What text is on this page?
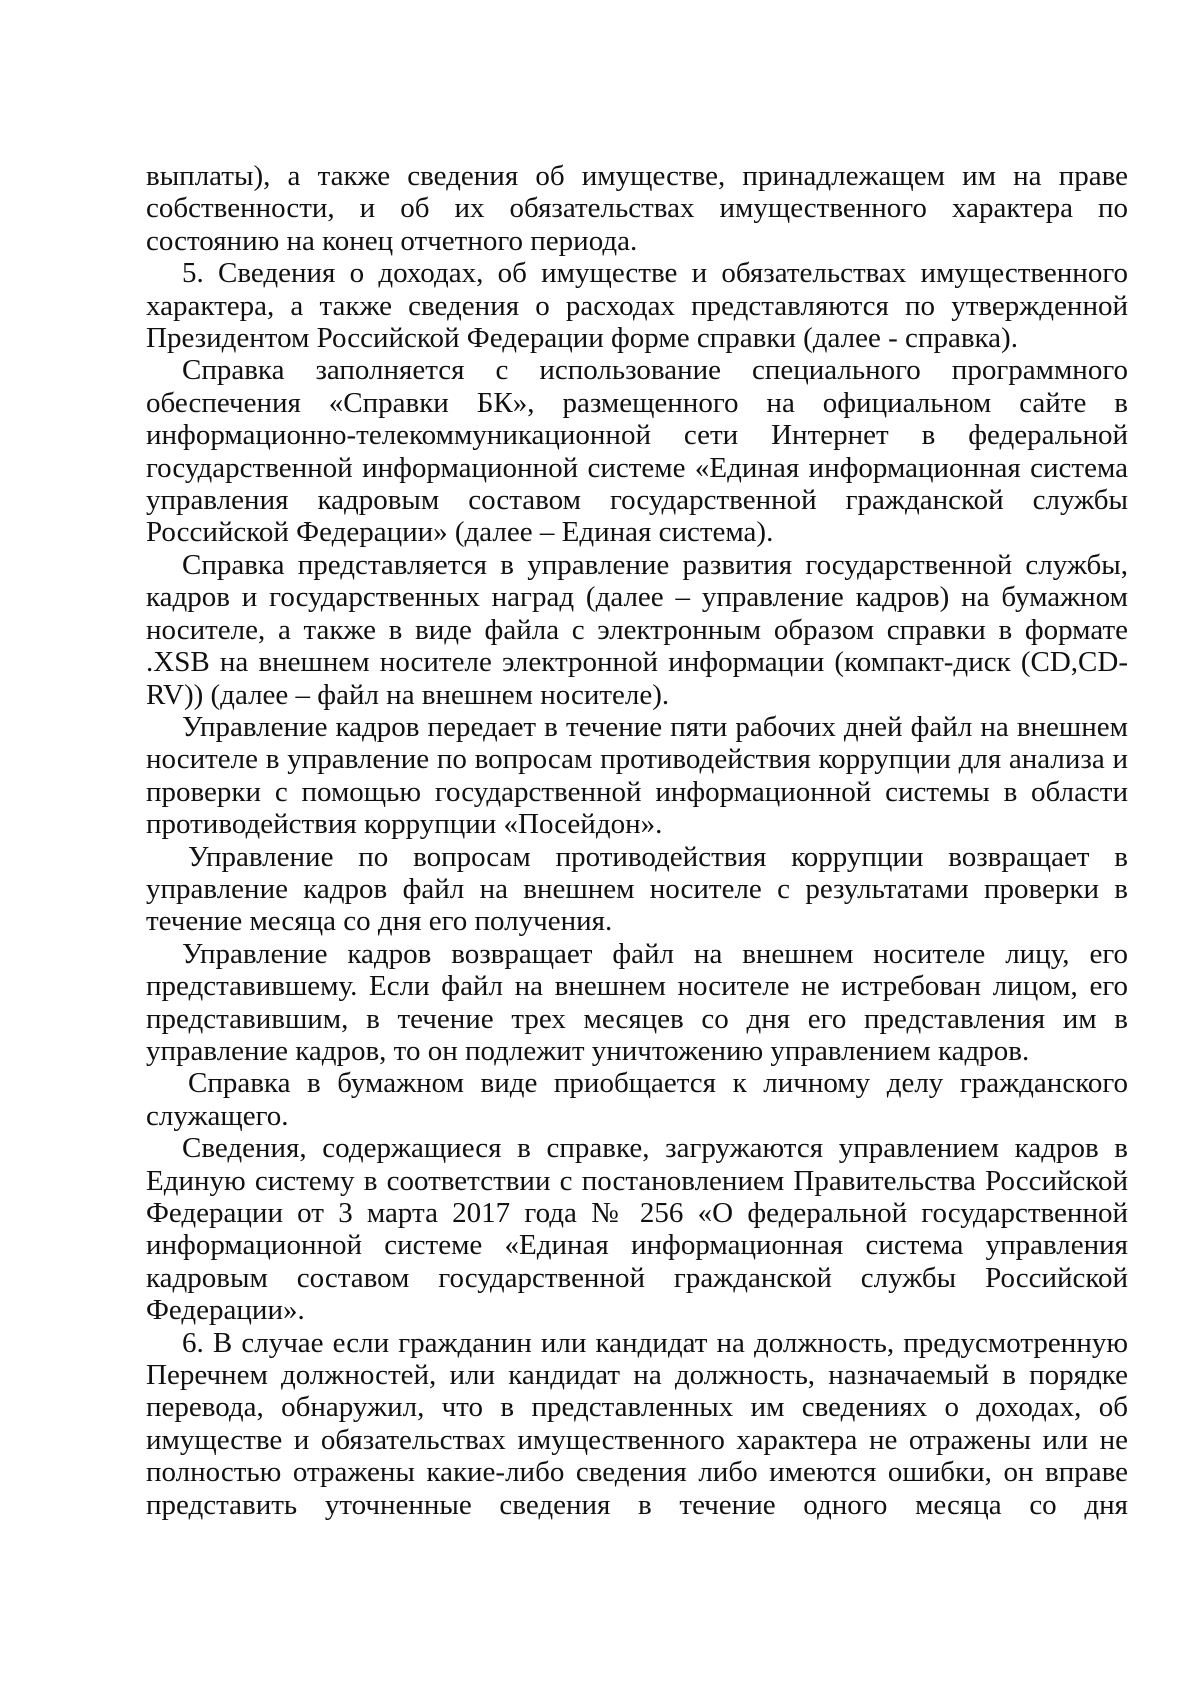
выплаты), а также сведения об имуществе, принадлежащем им на праве собственности, и об их обязательствах имущественного характера по состоянию на конец отчетного периода.

5. Сведения о доходах, об имуществе и обязательствах имущественного характера, а также сведения о расходах представляются по утвержденной Президентом Российской Федерации форме справки (далее - справка).

Справка заполняется с использование специального программного обеспечения «Справки БК», размещенного на официальном сайте в информационно-телекоммуникационной сети Интернет в федеральной государственной информационной системе «Единая информационная система управления кадровым составом государственной гражданской службы Российской Федерации» (далее – Единая система).

Справка представляется в управление развития государственной службы, кадров и государственных наград (далее – управление кадров) на бумажном носителе, а также в виде файла с электронным образом справки в формате .XSB на внешнем носителе электронной информации (компакт-диск (CD,CD-RV)) (далее – файл на внешнем носителе).

Управление кадров передает в течение пяти рабочих дней файл на внешнем носителе в управление по вопросам противодействия коррупции для анализа и проверки с помощью государственной информационной системы в области противодействия коррупции «Посейдон».

Управление по вопросам противодействия коррупции возвращает в управление кадров файл на внешнем носителе с результатами проверки в течение месяца со дня его получения.

Управление кадров возвращает файл на внешнем носителе лицу, его представившему. Если файл на внешнем носителе не истребован лицом, его представившим, в течение трех месяцев со дня его представления им в управление кадров, то он подлежит уничтожению управлением кадров.

Справка в бумажном виде приобщается к личному делу гражданского служащего.

Сведения, содержащиеся в справке, загружаются управлением кадров в Единую систему в соответствии с постановлением Правительства Российской Федерации от 3 марта 2017 года № 256 «О федеральной государственной информационной системе «Единая информационная система управления кадровым составом государственной гражданской службы Российской Федерации».

6. В случае если гражданин или кандидат на должность, предусмотренную Перечнем должностей, или кандидат на должность, назначаемый в порядке перевода, обнаружил, что в представленных им сведениях о доходах, об имуществе и обязательствах имущественного характера не отражены или не полностью отражены какие-либо сведения либо имеются ошибки, он вправе представить уточненные сведения в течение одного месяца со дня
